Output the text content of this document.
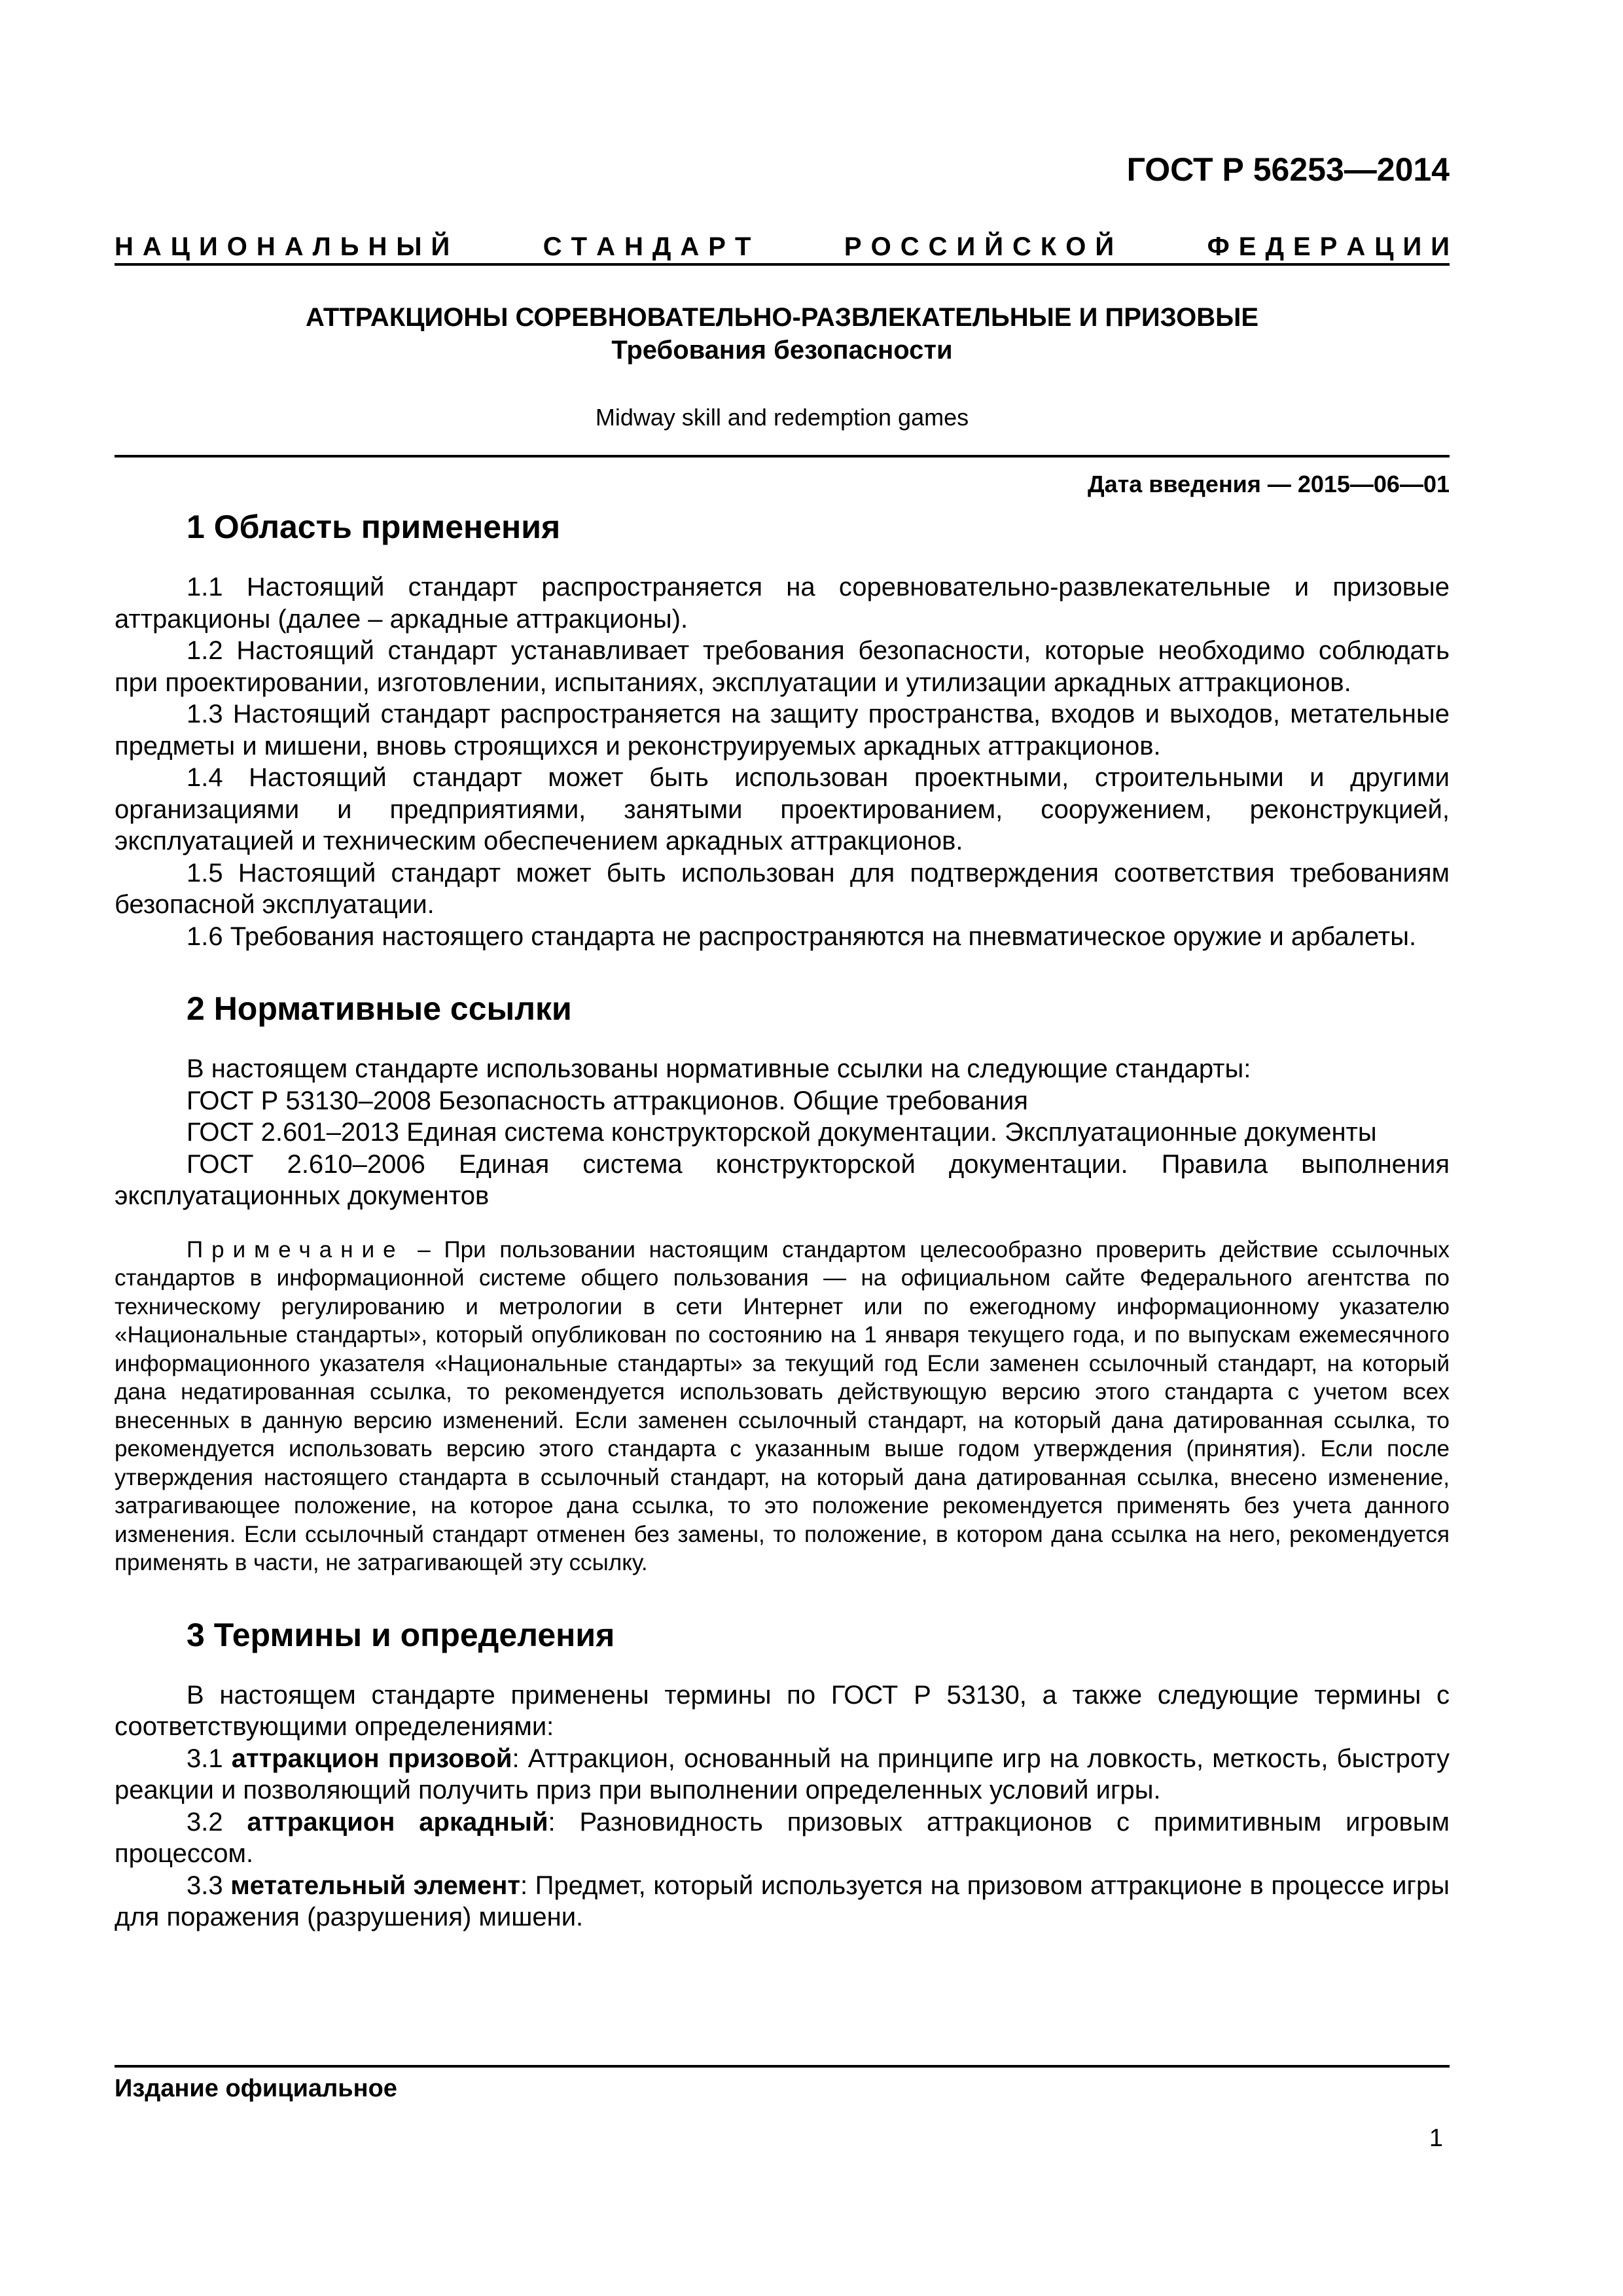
ГОСТ Р 56253—2014
Н А Ц И О Н А Л Ь Н Ы Й	С Т А Н Д А Р Т	Р О С С И Й С К О Й	Ф Е Д Е Р А Ц И И
АТТРАКЦИОНЫ СОРЕВНОВАТЕЛЬНО-РАЗВЛЕКАТЕЛЬНЫЕ И ПРИЗОВЫЕ
Требования безопасности
Midway skill and redemption games
Дата введения — 2015—06—01
1 Область применения

1.1 Настоящий стандарт распространяется на соревновательно-развлекательные и призовые аттракционы (далее – аркадные аттракционы).

1.2 Настоящий стандарт устанавливает требования безопасности, которые необходимо соблюдать при проектировании, изготовлении, испытаниях, эксплуатации и утилизации аркадных аттракционов.

1.3 Настоящий стандарт распространяется на защиту пространства, входов и выходов, метательные предметы и мишени, вновь строящихся и реконструируемых аркадных аттракционов.

1.4 Настоящий стандарт может быть использован проектными, строительными и другими организациями и предприятиями, занятыми проектированием, сооружением, реконструкцией, эксплуатацией и техническим обеспечением аркадных аттракционов.

1.5 Настоящий стандарт может быть использован для подтверждения соответствия требованиям безопасной эксплуатации.

1.6 Требования настоящего стандарта не распространяются на пневматическое оружие и арбалеты.

2 Нормативные ссылки

В настоящем стандарте использованы нормативные ссылки на следующие стандарты:

ГОСТ Р 53130–2008 Безопасность аттракционов. Общие требования

ГОСТ 2.601–2013 Единая система конструкторской документации. Эксплуатационные документы

ГОСТ 2.610–2006 Единая система конструкторской документации. Правила выполнения эксплуатационных документов

Примечание – При пользовании настоящим стандартом целесообразно проверить действие ссылочных стандартов в информационной системе общего пользования — на официальном сайте Федерального агентства по техническому регулированию и метрологии в сети Интернет или по ежегодному информационному указателю «Национальные стандарты», который опубликован по состоянию на 1 января текущего года, и по выпускам ежемесячного информационного указателя «Национальные стандарты» за текущий год Если заменен ссылочный стандарт, на который дана недатированная ссылка, то рекомендуется использовать действующую версию этого стандарта с учетом всех внесенных в данную версию изменений. Если заменен ссылочный стандарт, на который дана датированная ссылка, то рекомендуется использовать версию этого стандарта с указанным выше годом утверждения (принятия). Если после утверждения настоящего стандарта в ссылочный стандарт, на который дана датированная ссылка, внесено изменение, затрагивающее положение, на которое дана ссылка, то это положение рекомендуется применять без учета данного изменения. Если ссылочный стандарт отменен без замены, то положение, в котором дана ссылка на него, рекомендуется применять в части, не затрагивающей эту ссылку.

3 Термины и определения

В настоящем стандарте применены термины по ГОСТ Р 53130, а также следующие термины с соответствующими определениями:

3.1 аттракцион призовой: Аттракцион, основанный на принципе игр на ловкость, меткость, быстроту реакции и позволяющий получить приз при выполнении определенных условий игры.

3.2 аттракцион аркадный: Разновидность призовых аттракционов с примитивным игровым процессом.

3.3 метательный элемент: Предмет, который используется на призовом аттракционе в процессе игры для поражения (разрушения) мишени.

Издание официальное
1
